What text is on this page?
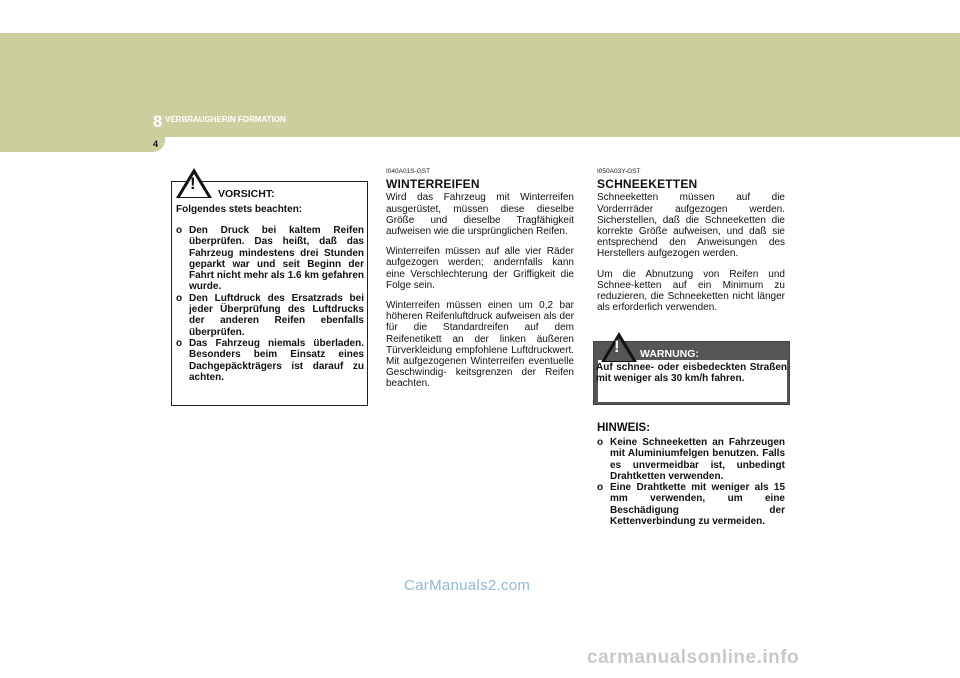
8 VERBRAUGHERIN FORMATION
4
!
VORSICHT:
Folgendes stets beachten:
o Den Druck bei kaltem Reifen überprüfen. Das heißt, daß das Fahrzeug mindestens drei Stunden geparkt war und seit Beginn der Fahrt nicht mehr als 1.6 km gefahren wurde.
o Den Luftdruck des Ersatzrads bei jeder Überprüfung des Luftdrucks der anderen Reifen ebenfalls überprüfen.
o Das Fahrzeug niemals überladen. Besonders beim Einsatz eines Dachgepäckträgers ist darauf zu achten.
I040A01S-GST
WINTERREIFEN

Wird das Fahrzeug mit Winterreifen ausgerüstet, müssen diese dieselbe Größe und dieselbe Tragfähigkeit aufweisen wie die ursprünglichen Reifen.

Winterreifen müssen auf alle vier Räder aufgezogen werden; andernfalls kann eine Verschlechterung der Griffigkeit die Folge sein.

Winterreifen müssen einen um 0,2 bar höheren Reifenluftdruck aufweisen als der für die Standardreifen auf dem Reifenetikett an der linken äußeren Türverkleidung empfohlene Luftdruckwert. Mit aufgezogenen Winterreifen eventuelle Geschwindig- keitsgrenzen der Reifen beachten.

I050A03Y-GST
SCHNEEKETTEN

Schneeketten müssen auf die Vorderrräder aufgezogen werden. Sicherstellen, daß die Schneeketten die korrekte Größe aufweisen, und daß sie entsprechend den Anweisungen des Herstellers aufgezogen werden.

Um die Abnutzung von Reifen und Schnee-ketten auf ein Minimum zu reduzieren, die Schneeketten nicht länger als erforderlich verwenden.

! WARNUNG:
Auf schnee- oder eisbedeckten Straßen mit weniger als 30 km/h fahren.
HINWEIS:
o Keine Schneeketten an Fahrzeugen mit Aluminiumfelgen benutzen. Falls es unvermeidbar ist, unbedingt Drahtketten verwenden.
o Eine Drahtkette mit weniger als 15 mm verwenden, um eine Beschädigung der Kettenverbindung zu vermeiden.
CarManuals2.com
carmanualsonline.info
